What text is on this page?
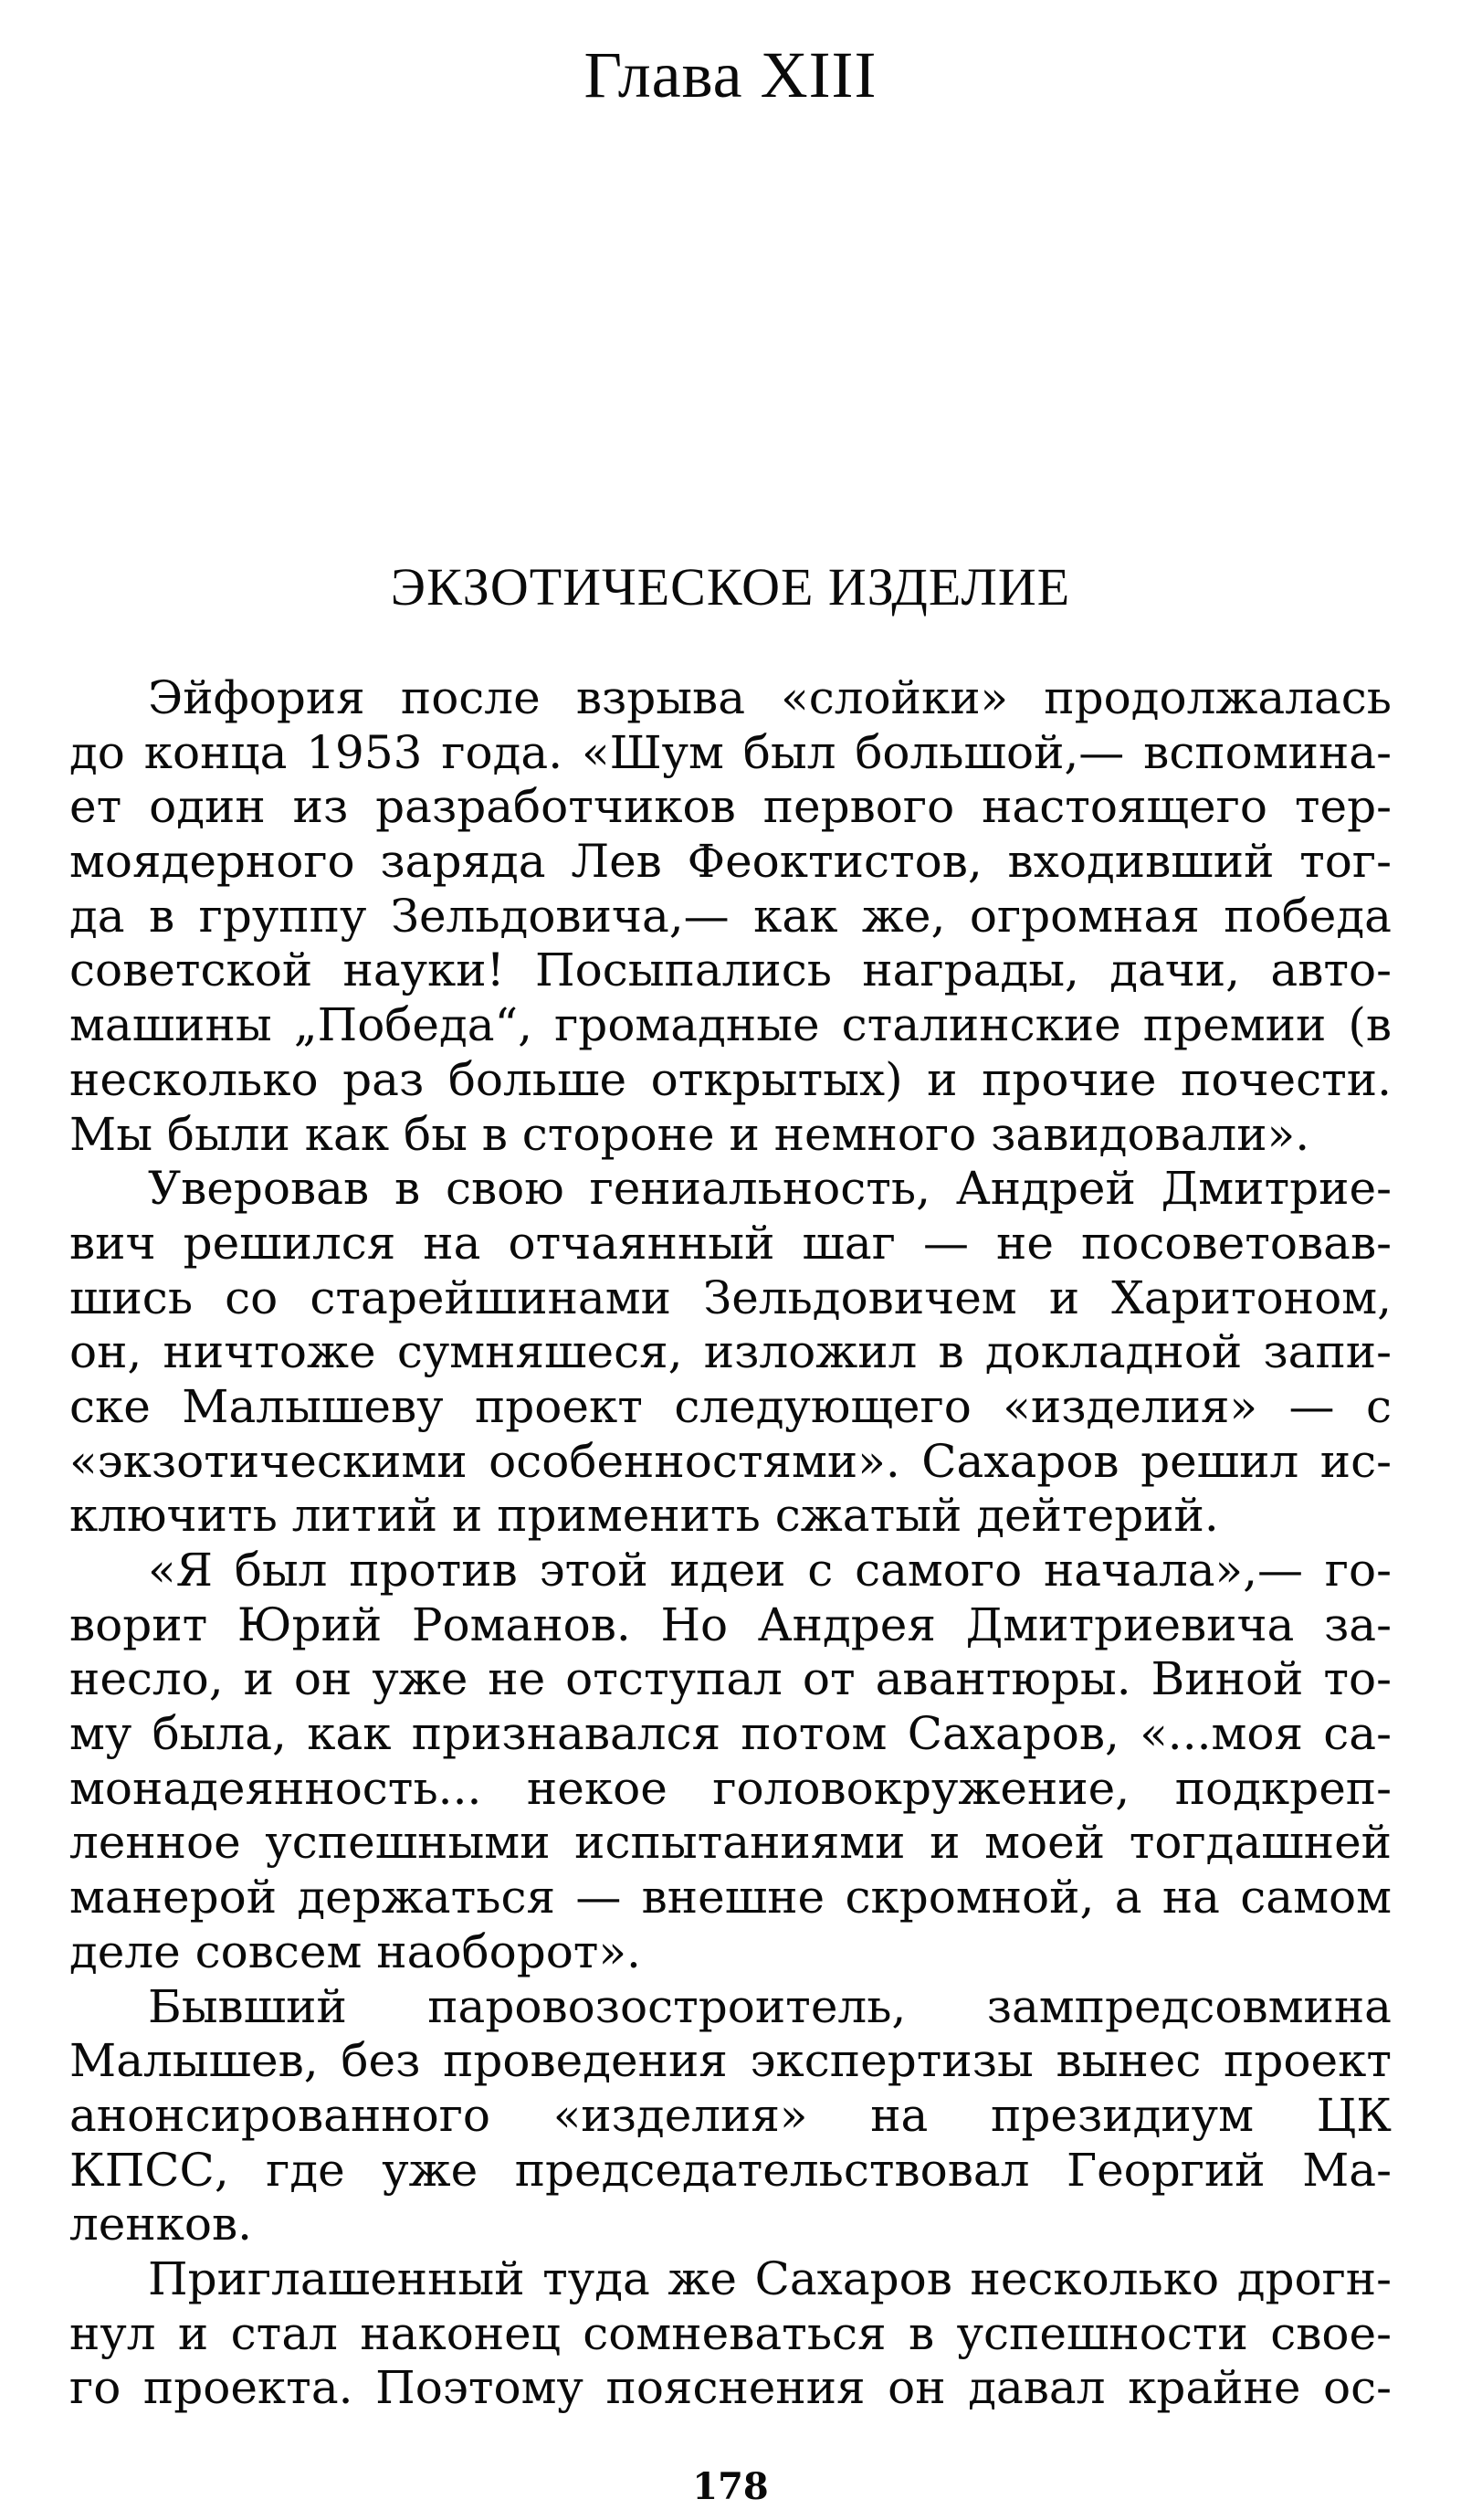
Глава XIII
ЭКЗОТИЧЕСКОЕ ИЗДЕЛИЕ
Эйфория после взрыва «слойки» продолжалась
до конца 1953 года. «Шум был большой,— вспомина-
ет один из разработчиков первого настоящего тер-
моядерного заряда Лев Феоктистов, входивший тог-
да в группу Зельдовича,— как же, огромная победа
советской науки! Посыпались награды, дачи, авто-
машины „Победа“, громадные сталинские премии (в
несколько раз больше открытых) и прочие почести.
Мы были как бы в стороне и немного завидовали».
Уверовав в свою гениальность, Андрей Дмитрие-
вич решился на отчаянный шаг — не посоветовав-
шись со старейшинами Зельдовичем и Харитоном,
он, ничтоже сумняшеся, изложил в докладной запи-
ске Малышеву проект следующего «изделия» — с
«экзотическими особенностями». Сахаров решил ис-
ключить литий и применить сжатый дейтерий.
«Я был против этой идеи с самого начала»,— го-
ворит Юрий Романов. Но Андрея Дмитриевича за-
несло, и он уже не отступал от авантюры. Виной то-
му была, как признавался потом Сахаров, «...моя са-
монадеянность... некое головокружение, подкреп-
ленное успешными испытаниями и моей тогдашней
манерой держаться — внешне скромной, а на самом
деле совсем наоборот».
Бывший паровозостроитель, зампредсовмина
Малышев, без проведения экспертизы вынес проект
анонсированного «изделия» на президиум ЦК
КПСС, где уже председательствовал Георгий Ма-
ленков.
Приглашенный туда же Сахаров несколько дрогн-
нул и стал наконец сомневаться в успешности свое-
го проекта. Поэтому пояснения он давал крайне ос-
178
